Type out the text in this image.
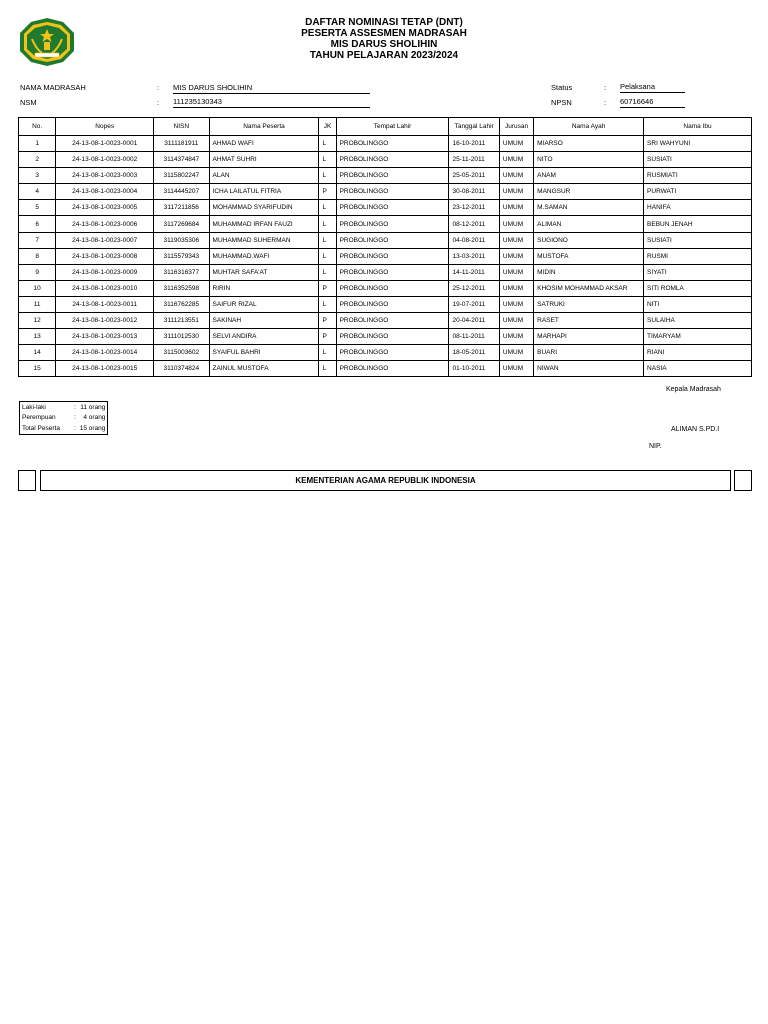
DAFTAR NOMINASI TETAP (DNT)
PESERTA ASSESMEN MADRASAH
MIS DARUS SHOLIHIN
TAHUN PELAJARAN 2023/2024
NAMA MADRASAH	: MIS DARUS SHOLIHIN
NSM	: 111235130343
Status	: Pelaksana
NPSN	: 60716646
No.	Nopes	NISN	Nama Peserta	JK	Tempat Lahir	Tanggal Lahir	Jurusan	Nama Ayah	Nama Ibu
1	24-13-08-1-0023-0001	3111181911	AHMAD WAFI	L	PROBOLINGGO	16-10-2011	UMUM	MIARSO	SRI WAHYUNI
2	24-13-08-1-0023-0002	3114374847	AHMAT SUHRI	L	PROBOLINGGO	25-11-2011	UMUM	NITO	SUSIATI
3	24-13-08-1-0023-0003	3115802247	ALAN	L	PROBOLINGGO	25-05-2011	UMUM	ANAM	RUSMIATI
4	24-13-08-1-0023-0004	3114445207	ICHA LAILATUL FITRIA	P	PROBOLINGGO	30-08-2011	UMUM	MANGSUR	PURWATI
5	24-13-08-1-0023-0005	3117211856	MOHAMMAD SYARIFUDIN	L	PROBOLINGGO	23-12-2011	UMUM	M.SAMAN	HANIFA
6	24-13-08-1-0023-0006	3117269684	MUHAMMAD IRFAN FAUZI	L	PROBOLINGGO	08-12-2011	UMUM	ALIMAN	BEBUN JENAH
7	24-13-08-1-0023-0007	3119035306	MUHAMMAD SUHERMAN	L	PROBOLINGGO	04-08-2011	UMUM	SUGIONO	SUSIATI
8	24-13-08-1-0023-0008	3115579343	MUHAMMAD.WAFI	L	PROBOLINGGO	13-03-2011	UMUM	MUSTOFA	RUSMI
9	24-13-08-1-0023-0009	3116316377	MUHTAR SAFA'AT	L	PROBOLINGGO	14-11-2011	UMUM	MIDIN	SIYATI
10	24-13-08-1-0023-0010	3116352598	RIRIN	P	PROBOLINGGO	25-12-2011	UMUM	KHOSIM MOHAMMAD AKSAR	SITI ROMLA
11	24-13-08-1-0023-0011	3116762285	SAIFUR RIZAL	L	PROBOLINGGO	19-07-2011	UMUM	SATRUKI	NITI
12	24-13-08-1-0023-0012	3111213551	SAKINAH	P	PROBOLINGGO	20-04-2011	UMUM	RASET	SULAIHA
13	24-13-08-1-0023-0013	3111012530	SELVI ANDIRA	P	PROBOLINGGO	08-11-2011	UMUM	MARHAPI	TIMARYAM
14	24-13-08-1-0023-0014	3115003602	SYAIFUL BAHRI	L	PROBOLINGGO	18-05-2011	UMUM	BUARI	RIANI
15	24-13-08-1-0023-0015	3110374824	ZAINUL MUSTOFA	L	PROBOLINGGO	01-10-2011	UMUM	NIWAN	NASIA
Kepala Madrasah
ALIMAN S.PD.I
NIP.
Laki-laki	:	11 orang
Perempuan	:	4 orang
Total Peserta	:	15 orang
KEMENTERIAN AGAMA REPUBLIK INDONESIA
